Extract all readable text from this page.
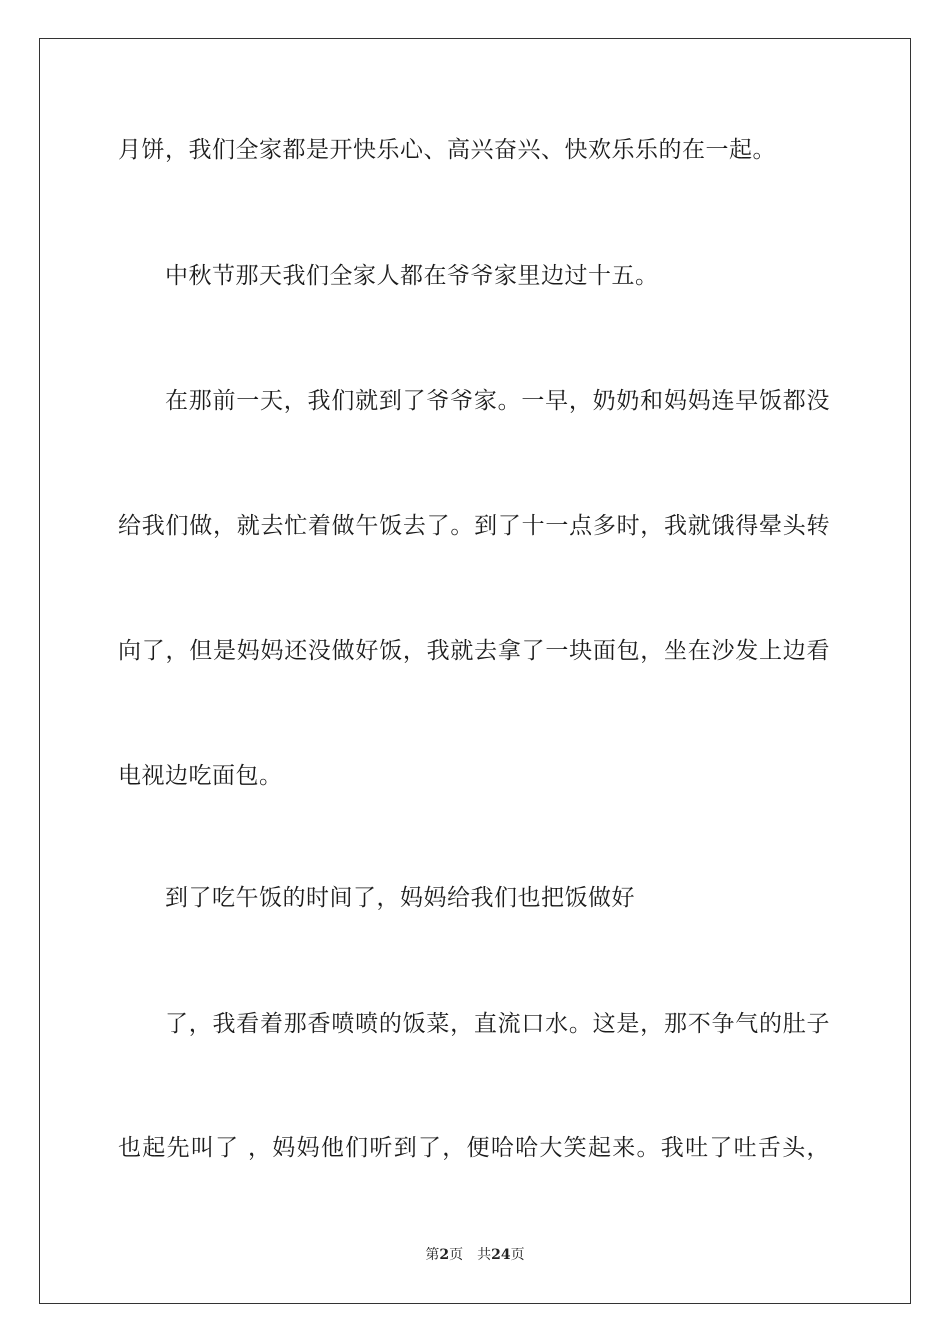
月饼，我们全家都是开快乐心、高兴奋兴、快欢乐乐的在一起。
中秋节那天我们全家人都在爷爷家里边过十五。
在那前一天，我们就到了爷爷家。一早，奶奶和妈妈连早饭都没
给我们做，就去忙着做午饭去了。到了十一点多时，我就饿得晕头转
向了，但是妈妈还没做好饭，我就去拿了一块面包，坐在沙发上边看
电视边吃面包。
到了吃午饭的时间了，妈妈给我们也把饭做好
了，我看着那香喷喷的饭菜，直流口水。这是，那不争气的肚子
也起先叫了 ，妈妈他们听到了，便哈哈大笑起来。我吐了吐舌头，
第2页 共24页
